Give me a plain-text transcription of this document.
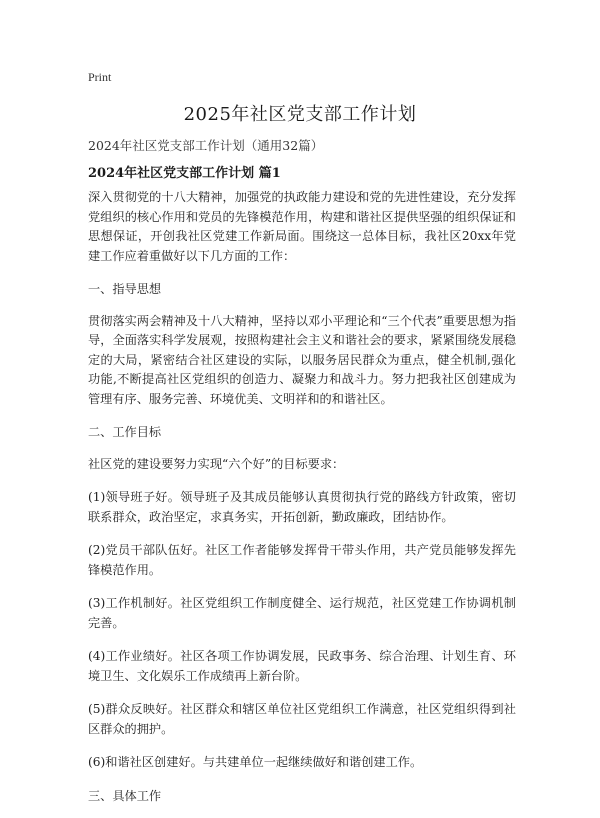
Print
2025年社区党支部工作计划
2024年社区党支部工作计划（通用32篇）
2024年社区党支部工作计划 篇1

深入贯彻党的十八大精神，加强党的执政能力建设和党的先进性建设，充分发挥党组织的核心作用和党员的先锋模范作用，构建和谐社区提供坚强的组织保证和思想保证，开创我社区党建工作新局面。围绕这一总体目标，我社区20xx年党建工作应着重做好以下几方面的工作：

一、指导思想

贯彻落实两会精神及十八大精神，坚持以邓小平理论和“三个代表”重要思想为指导，全面落实科学发展观，按照构建社会主义和谐社会的要求，紧紧围绕发展稳定的大局，紧密结合社区建设的实际，以服务居民群众为重点，健全机制,强化功能,不断提高社区党组织的创造力、凝聚力和战斗力。努力把我社区创建成为管理有序、服务完善、环境优美、文明祥和的和谐社区。

二、工作目标

社区党的建设要努力实现“六个好”的目标要求：

(1)领导班子好。领导班子及其成员能够认真贯彻执行党的路线方针政策，密切联系群众，政治坚定，求真务实，开拓创新，勤政廉政，团结协作。

(2)党员干部队伍好。社区工作者能够发挥骨干带头作用，共产党员能够发挥先锋模范作用。

(3)工作机制好。社区党组织工作制度健全、运行规范，社区党建工作协调机制完善。

(4)工作业绩好。社区各项工作协调发展，民政事务、综合治理、计划生育、环境卫生、文化娱乐工作成绩再上新台阶。

(5)群众反映好。社区群众和辖区单位社区党组织工作满意，社区党组织得到社区群众的拥护。

(6)和谐社区创建好。与共建单位一起继续做好和谐创建工作。

三、具体工作
